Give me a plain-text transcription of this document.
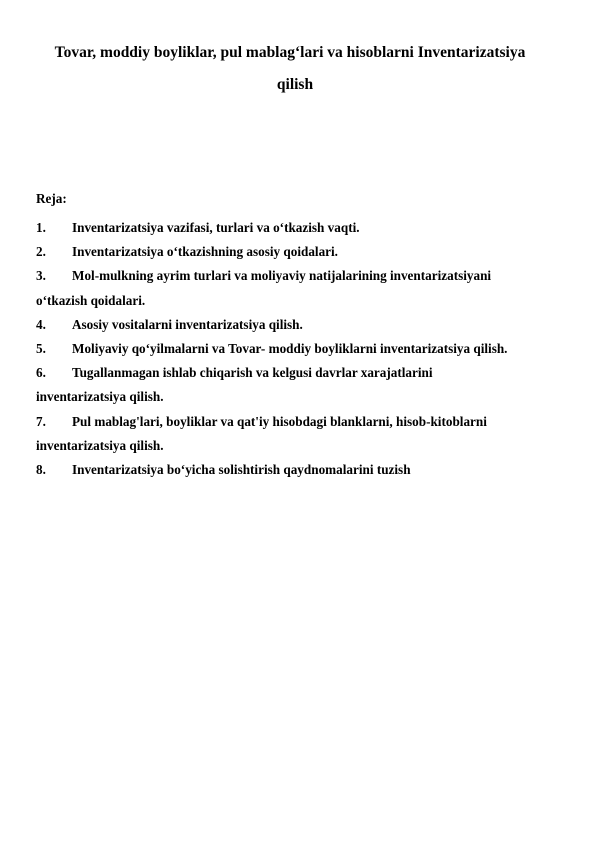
Tovar, moddiy boyliklar, pul mablag‘lari va hisoblarni Inventarizatsiya
qilish
Reja:
1.	Inventarizatsiya vazifasi, turlari va o‘tkazish vaqti.
2.	Inventarizatsiya o‘tkazishning asosiy qoidalari.
3.	Mol-mulkning ayrim turlari va moliyaviy natijalarining inventarizatsiyani
o‘tkazish qoidalari.
4.	Asosiy vositalarni inventarizatsiya qilish.
5.	Moliyaviy qo‘yilmalarni va Tovar- moddiy boyliklarni inventarizatsiya qilish.
6.	Tugallanmagan ishlab chiqarish va kelgusi davrlar xarajatlarini
inventarizatsiya qilish.
7.	Pul mablag'lari, boyliklar va qat'iy hisobdagi blanklarni, hisob-kitoblarni
inventarizatsiya qilish.
8.	Inventarizatsiya bo‘yicha solishtirish qaydnomalarini tuzish
